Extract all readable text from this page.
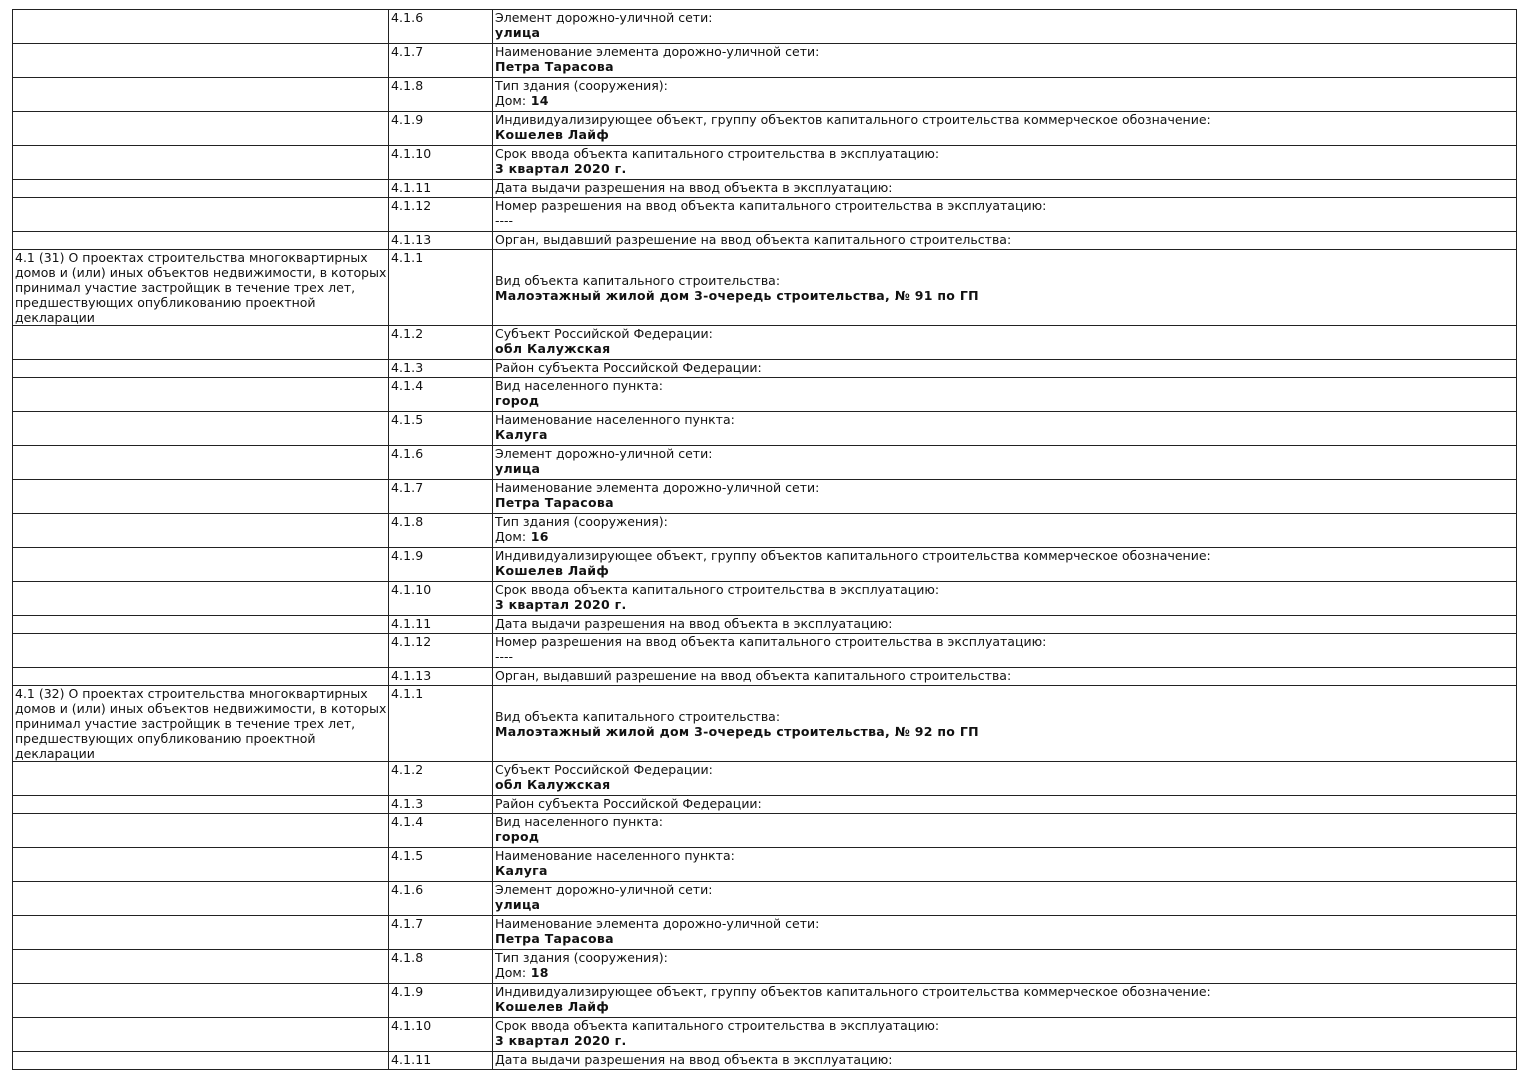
	4.1.6	Элемент дорожно-уличной сети:
улица

	4.1.7	Наименование элемента дорожно-уличной сети:
Петра Тарасова

	4.1.8	Тип здания (сооружения):
Дом: 14

	4.1.9	Индивидуализирующее объект, группу объектов капитального строительства коммерческое обозначение:
Кошелев Лайф

	4.1.10	Срок ввода объекта капитального строительства в эксплуатацию:
3 квартал 2020 г.

	4.1.11	Дата выдачи разрешения на ввод объекта в эксплуатацию:

	4.1.12	Номер разрешения на ввод объекта капитального строительства в эксплуатацию:
----

	4.1.13	Орган, выдавший разрешение на ввод объекта капитального строительства:

4.1 (31) О проектах строительства многоквартирных домов и (или) иных объектов недвижимости, в которых принимал участие застройщик в течение трех лет, предшествующих опубликованию проектной декларации	4.1.1	Вид объекта капитального строительства:
Малоэтажный жилой дом 3-очередь строительства, № 91 по ГП

	4.1.2	Субъект Российской Федерации:
обл Калужская

	4.1.3	Район субъекта Российской Федерации:

	4.1.4	Вид населенного пункта:
город

	4.1.5	Наименование населенного пункта:
Калуга

	4.1.6	Элемент дорожно-уличной сети:
улица

	4.1.7	Наименование элемента дорожно-уличной сети:
Петра Тарасова

	4.1.8	Тип здания (сооружения):
Дом: 16

	4.1.9	Индивидуализирующее объект, группу объектов капитального строительства коммерческое обозначение:
Кошелев Лайф

	4.1.10	Срок ввода объекта капитального строительства в эксплуатацию:
3 квартал 2020 г.

	4.1.11	Дата выдачи разрешения на ввод объекта в эксплуатацию:

	4.1.12	Номер разрешения на ввод объекта капитального строительства в эксплуатацию:
----

	4.1.13	Орган, выдавший разрешение на ввод объекта капитального строительства:

4.1 (32) О проектах строительства многоквартирных домов и (или) иных объектов недвижимости, в которых принимал участие застройщик в течение трех лет, предшествующих опубликованию проектной декларации	4.1.1	Вид объекта капитального строительства:
Малоэтажный жилой дом 3-очередь строительства, № 92 по ГП

	4.1.2	Субъект Российской Федерации:
обл Калужская

	4.1.3	Район субъекта Российской Федерации:

	4.1.4	Вид населенного пункта:
город

	4.1.5	Наименование населенного пункта:
Калуга

	4.1.6	Элемент дорожно-уличной сети:
улица

	4.1.7	Наименование элемента дорожно-уличной сети:
Петра Тарасова

	4.1.8	Тип здания (сооружения):
Дом: 18

	4.1.9	Индивидуализирующее объект, группу объектов капитального строительства коммерческое обозначение:
Кошелев Лайф

	4.1.10	Срок ввода объекта капитального строительства в эксплуатацию:
3 квартал 2020 г.

	4.1.11	Дата выдачи разрешения на ввод объекта в эксплуатацию:
